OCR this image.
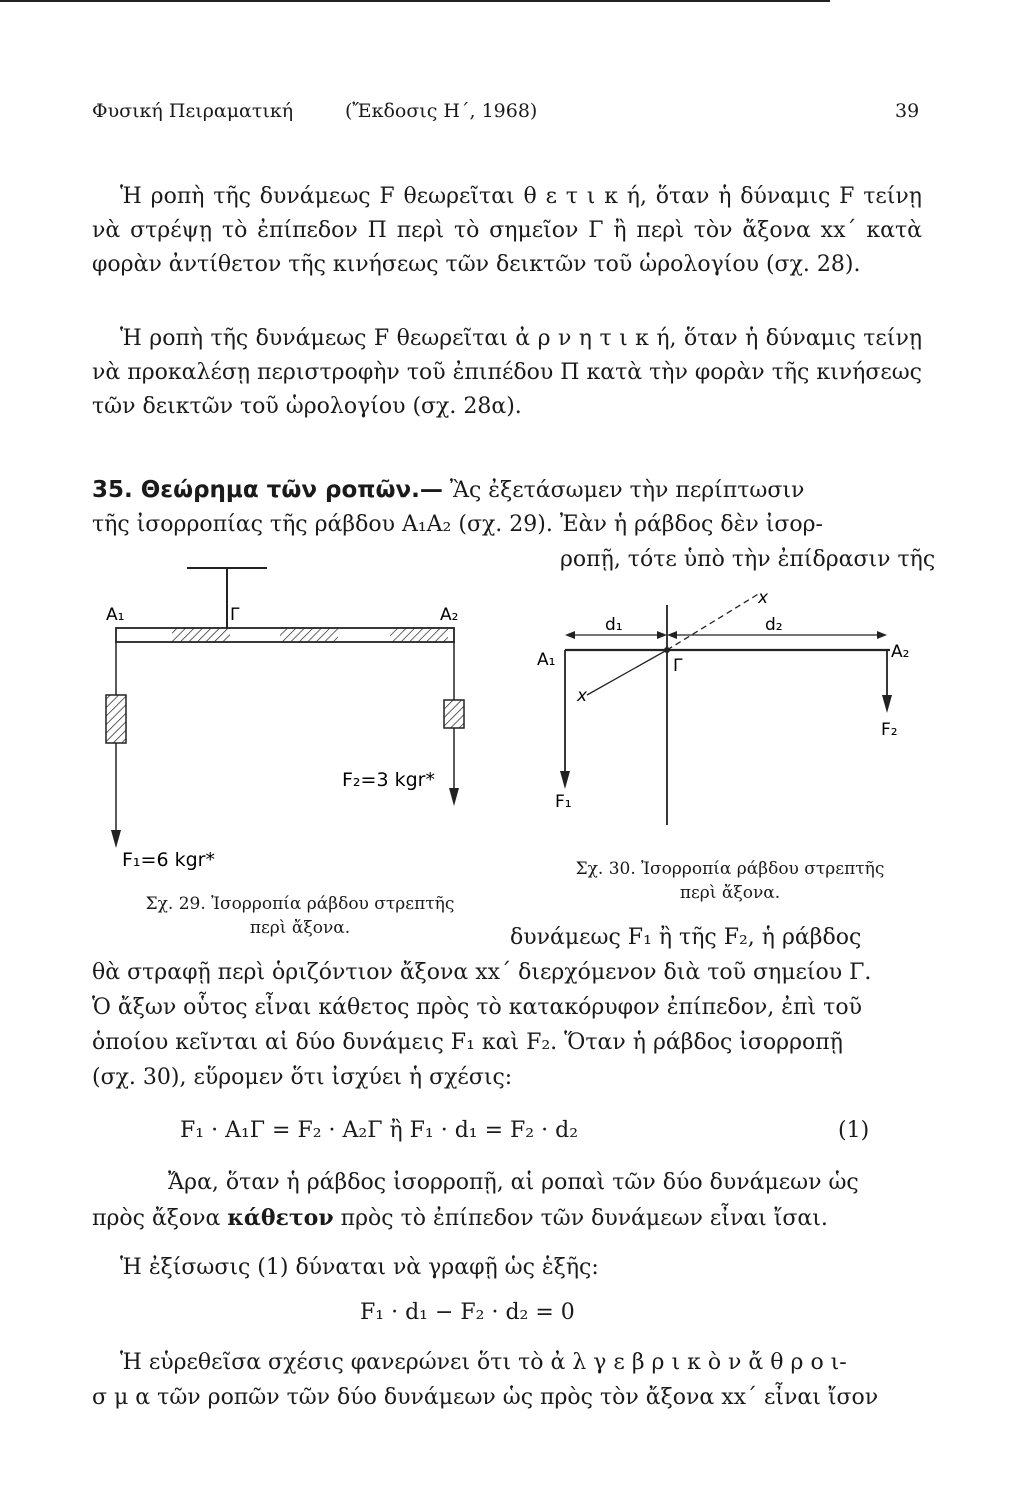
Φυσική Πειραματική	(Ἔκδοσις Η΄, 1968)	39

Ἡ ροπὴ τῆς δυνάμεως F θεωρεῖται θ ε τ ι κ ή, ὅταν ἡ δύναμις F τείνῃ νὰ στρέψῃ τὸ ἐπίπεδον Π περὶ τὸ σημεῖον Γ ἢ περὶ τὸν ἄξονα xx΄ κατὰ φορὰν ἀντίθετον τῆς κινήσεως τῶν δεικτῶν τοῦ ὡρολογίου (σχ. 28).

Ἡ ροπὴ τῆς δυνάμεως F θεωρεῖται ἀ ρ ν η τ ι κ ή, ὅταν ἡ δύναμις τείνῃ νὰ προκαλέσῃ περιστροφὴν τοῦ ἐπιπέδου Π κατὰ τὴν φορὰν τῆς κινήσεως τῶν δεικτῶν τοῦ ὡρολογίου (σχ. 28α).

35. Θεώρημα τῶν ροπῶν.— Ἂς ἐξετάσωμεν τὴν περίπτωσιν
τῆς ἰσορροπίας τῆς ράβδου A₁A₂ (σχ. 29). Ἐὰν ἡ ράβδος δὲν ἰσορ-
ροπῇ, τότε ὑπὸ τὴν ἐπίδρασιν τῆς
A₁	Γ	A₂
F₂=3 kgr*
F₁=6 kgr*
Σχ. 29. Ἰσορροπία ράβδου στρεπτῆς
περὶ ἄξονα.
A₁	Γ
A₂
d₁	d₂
x
x
F₁
F₂
Σχ. 30. Ἰσορροπία ράβδου στρεπτῆς
περὶ ἄξονα.
δυνάμεως F₁ ἢ τῆς F₂, ἡ ράβδος
θὰ στραφῇ περὶ ὁριζόντιον ἄξονα xx΄ διερχόμενον διὰ τοῦ σημείου Γ.
Ὁ ἄξων οὗτος εἶναι κάθετος πρὸς τὸ κατακόρυφον ἐπίπεδον, ἐπὶ τοῦ
ὁποίου κεῖνται αἱ δύο δυνάμεις F₁ καὶ F₂. Ὅταν ἡ ράβδος ἰσορροπῇ
(σχ. 30), εὕρομεν ὅτι ἰσχύει ἡ σχέσις:
F₁ · A₁Γ = F₂ · A₂Γ ἢ F₁ · d₁ = F₂ · d₂	(1)
Ἄρα, ὅταν ἡ ράβδος ἰσορροπῇ, αἱ ροπαὶ τῶν δύο δυνάμεων ὡς
πρὸς ἄξονα κάθετον πρὸς τὸ ἐπίπεδον τῶν δυνάμεων εἶναι ἴσαι.
Ἡ ἐξίσωσις (1) δύναται νὰ γραφῇ ὡς ἑξῆς:
F₁ · d₁ − F₂ · d₂ = 0
Ἡ εὑρεθεῖσα σχέσις φανερώνει ὅτι τὸ ἀ λ γ ε β ρ ι κ ὸ ν ἄ θ ρ ο ι-
σ μ α τῶν ροπῶν τῶν δύο δυνάμεων ὡς πρὸς τὸν ἄξονα xx΄ εἶναι ἴσον
